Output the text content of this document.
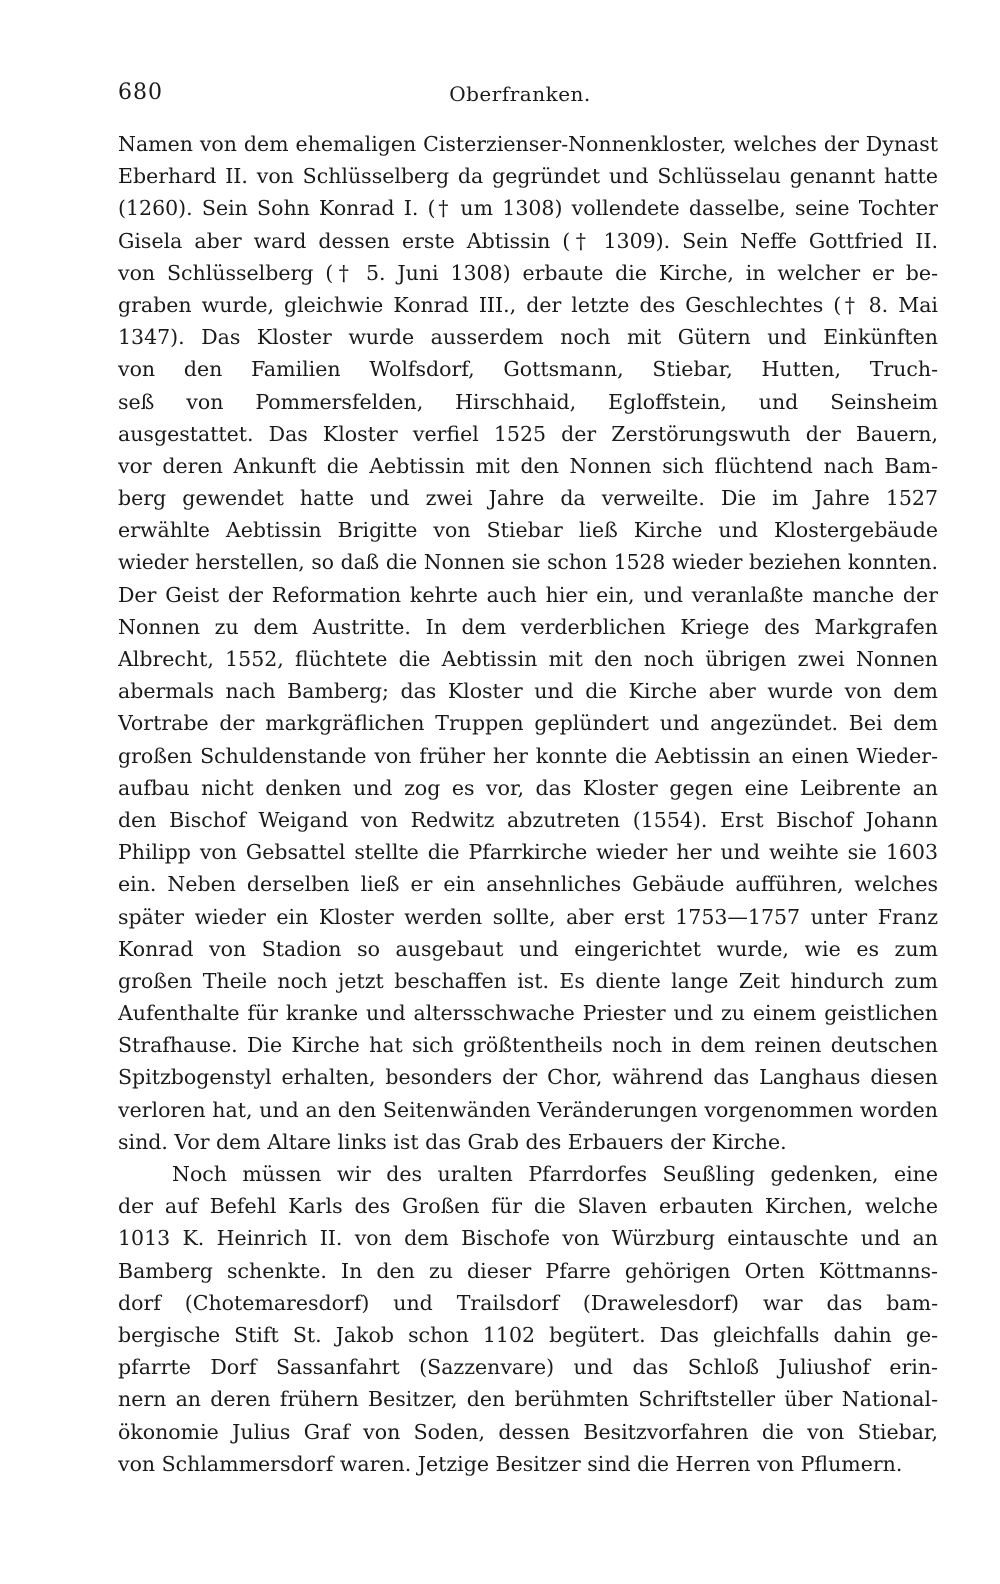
680	Oberfranken.
Namen von dem ehemaligen Cisterzienser-Nonnenkloster, welches der Dynast
Eberhard II. von Schlüsselberg da gegründet und Schlüsselau genannt hatte
(1260). Sein Sohn Konrad I. († um 1308) vollendete dasselbe, seine Tochter
Gisela aber ward dessen erste Abtissin († 1309). Sein Neffe Gottfried II.
von Schlüsselberg († 5. Juni 1308) erbaute die Kirche, in welcher er be-
graben wurde, gleichwie Konrad III., der letzte des Geschlechtes († 8. Mai
1347). Das Kloster wurde ausserdem noch mit Gütern und Einkünften
von den Familien Wolfsdorf, Gottsmann, Stiebar, Hutten, Truch-
seß von Pommersfelden, Hirschhaid, Egloffstein, und Seinsheim
ausgestattet. Das Kloster verfiel 1525 der Zerstörungswuth der Bauern,
vor deren Ankunft die Aebtissin mit den Nonnen sich flüchtend nach Bam-
berg gewendet hatte und zwei Jahre da verweilte. Die im Jahre 1527
erwählte Aebtissin Brigitte von Stiebar ließ Kirche und Klostergebäude
wieder herstellen, so daß die Nonnen sie schon 1528 wieder beziehen konnten.
Der Geist der Reformation kehrte auch hier ein, und veranlaßte manche der
Nonnen zu dem Austritte. In dem verderblichen Kriege des Markgrafen
Albrecht, 1552, flüchtete die Aebtissin mit den noch übrigen zwei Nonnen
abermals nach Bamberg; das Kloster und die Kirche aber wurde von dem
Vortrabe der markgräflichen Truppen geplündert und angezündet. Bei dem
großen Schuldenstande von früher her konnte die Aebtissin an einen Wieder-
aufbau nicht denken und zog es vor, das Kloster gegen eine Leibrente an
den Bischof Weigand von Redwitz abzutreten (1554). Erst Bischof Johann
Philipp von Gebsattel stellte die Pfarrkirche wieder her und weihte sie 1603
ein. Neben derselben ließ er ein ansehnliches Gebäude aufführen, welches
später wieder ein Kloster werden sollte, aber erst 1753—1757 unter Franz
Konrad von Stadion so ausgebaut und eingerichtet wurde, wie es zum
großen Theile noch jetzt beschaffen ist. Es diente lange Zeit hindurch zum
Aufenthalte für kranke und altersschwache Priester und zu einem geistlichen
Strafhause. Die Kirche hat sich größtentheils noch in dem reinen deutschen
Spitzbogenstyl erhalten, besonders der Chor, während das Langhaus diesen
verloren hat, und an den Seitenwänden Veränderungen vorgenommen worden
sind. Vor dem Altare links ist das Grab des Erbauers der Kirche.
Noch müssen wir des uralten Pfarrdorfes Seußling gedenken, eine
der auf Befehl Karls des Großen für die Slaven erbauten Kirchen, welche
1013 K. Heinrich II. von dem Bischofe von Würzburg eintauschte und an
Bamberg schenkte. In den zu dieser Pfarre gehörigen Orten Köttmanns-
dorf (Chotemaresdorf) und Trailsdorf (Drawelesdorf) war das bam-
bergische Stift St. Jakob schon 1102 begütert. Das gleichfalls dahin ge-
pfarrte Dorf Sassanfahrt (Sazzenvare) und das Schloß Juliushof erin-
nern an deren frühern Besitzer, den berühmten Schriftsteller über National-
ökonomie Julius Graf von Soden, dessen Besitzvorfahren die von Stiebar,
von Schlammersdorf waren. Jetzige Besitzer sind die Herren von Pflumern.
